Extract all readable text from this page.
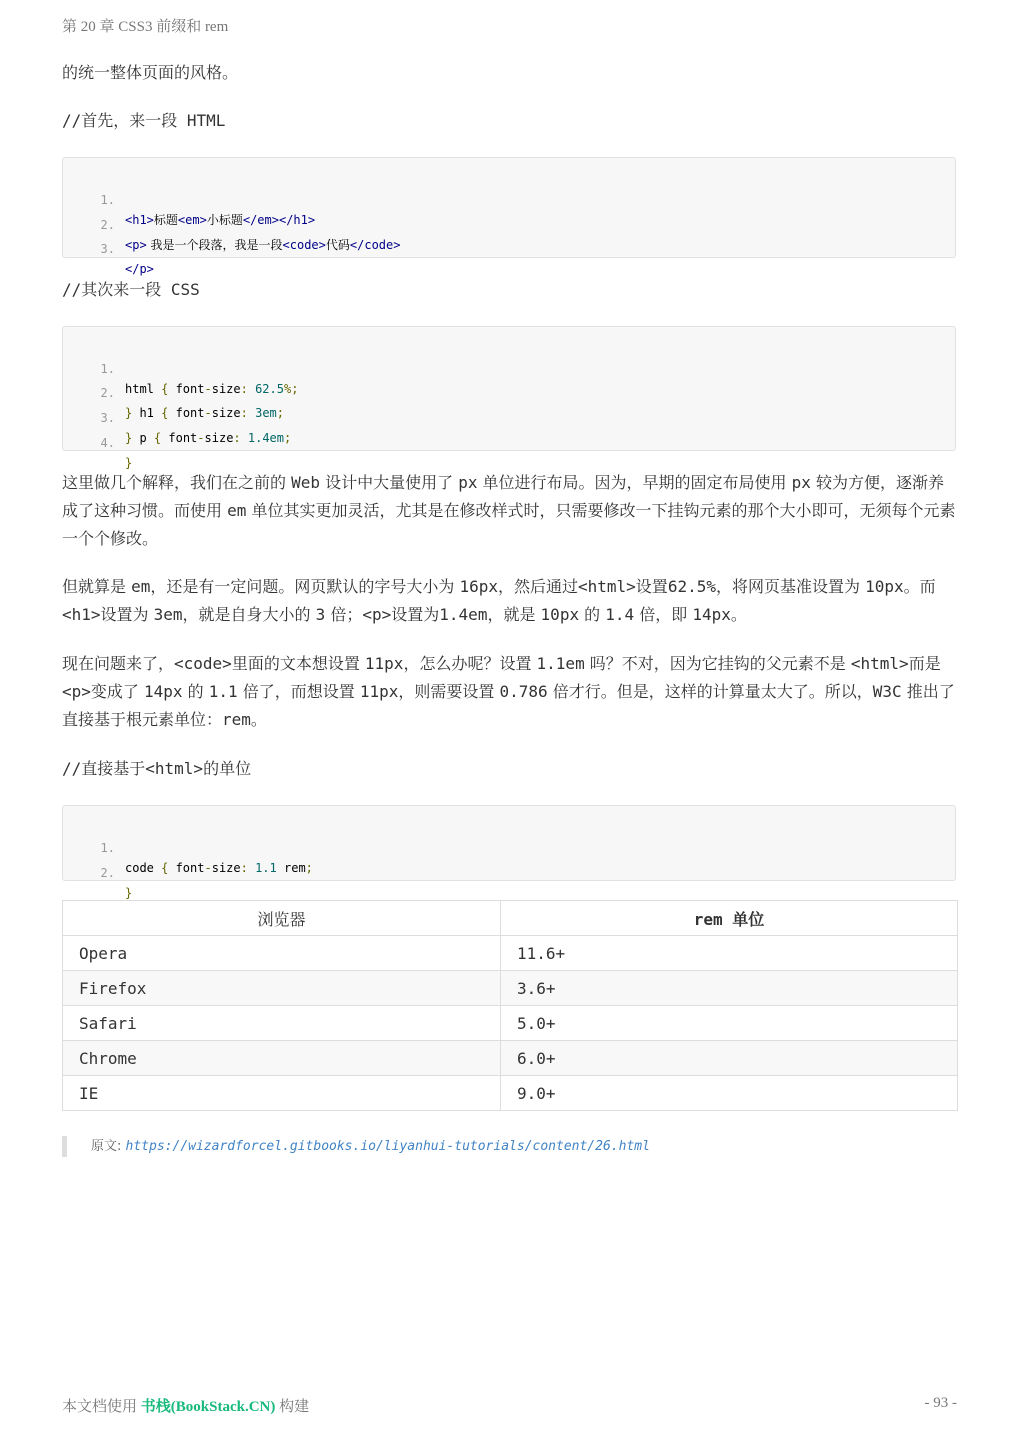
第 20 章 CSS3 前缀和 rem

的统一整体页面的风格。

//首先，来一段 HTML

1.

<h1>标题<em>小标题</em></h1>

2.

<p> 我是一个段落，我是一段<code>代码</code>

3.

</p>

//其次来一段 CSS

1.

html { font-size: 62.5%;

2.

} h1 { font-size: 3em;

3.

} p { font-size: 1.4em;

4.

}

这里做几个解释，我们在之前的 Web 设计中大量使用了 px 单位进行布局。因为，早期的固定布局使用 px 较为方便，逐渐养成了这种习惯。而使用 em 单位其实更加灵活，尤其是在修改样式时，只需要修改一下挂钩元素的那个大小即可，无须每个元素一个个修改。

但就算是 em，还是有一定问题。网页默认的字号大小为 16px，然后通过<html>设置62.5%，将网页基准设置为 10px。而<h1>设置为 3em，就是自身大小的 3 倍；<p>设置为1.4em，就是 10px 的 1.4 倍，即 14px。

现在问题来了，<code>里面的文本想设置 11px，怎么办呢？设置 1.1em 吗？不对，因为它挂钩的父元素不是 <html>而是<p>变成了 14px 的 1.1 倍了，而想设置 11px，则需要设置 0.786 倍才行。但是，这样的计算量太大了。所以，W3C 推出了直接基于根元素单位：rem。

//直接基于<html>的单位

1.

code { font-size: 1.1 rem;

2.

}

浏览器	rem 单位
Opera	11.6+
Firefox	3.6+
Safari	5.0+
Chrome	6.0+
IE	9.0+
原文: https://wizardforcel.gitbooks.io/liyanhui-tutorials/content/26.html
本文档使用 书栈(BookStack.CN) 构建	- 93 -
